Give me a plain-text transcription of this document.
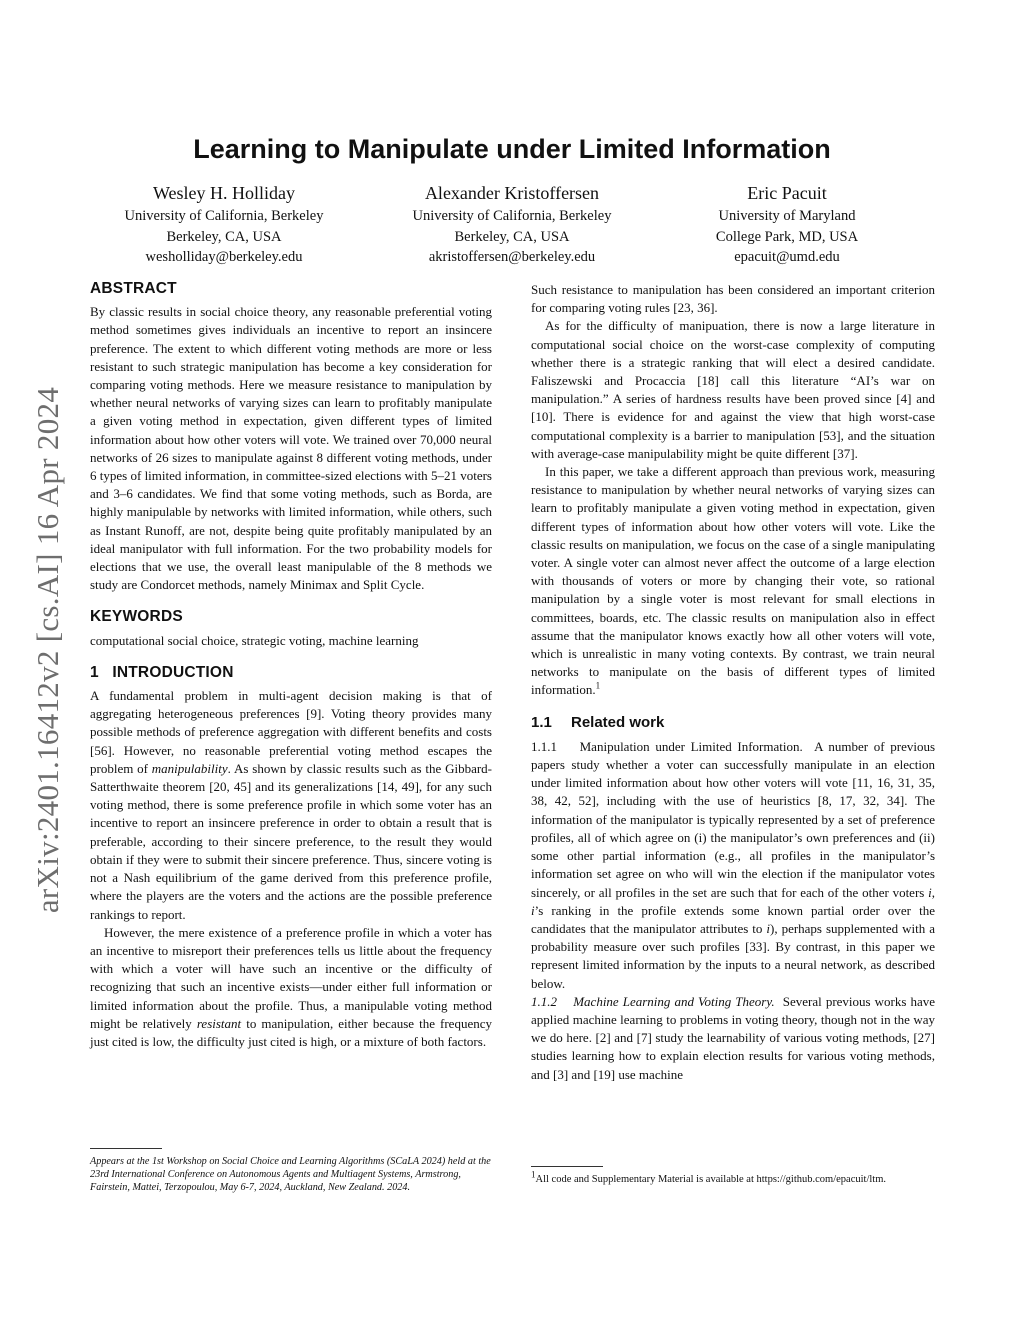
arXiv:2401.16412v2 [cs.AI] 16 Apr 2024
Learning to Manipulate under Limited Information
Wesley H. Holliday
University of California, Berkeley
Berkeley, CA, USA
wesholliday@berkeley.edu
Alexander Kristoffersen
University of California, Berkeley
Berkeley, CA, USA
akristoffersen@berkeley.edu
Eric Pacuit
University of Maryland
College Park, MD, USA
epacuit@umd.edu
ABSTRACT

By classic results in social choice theory, any reasonable preferential voting method sometimes gives individuals an incentive to report an insincere preference. The extent to which different voting methods are more or less resistant to such strategic manipulation has become a key consideration for comparing voting methods. Here we measure resistance to manipulation by whether neural networks of varying sizes can learn to profitably manipulate a given voting method in expectation, given different types of limited information about how other voters will vote. We trained over 70,000 neural networks of 26 sizes to manipulate against 8 different voting methods, under 6 types of limited information, in committee-sized elections with 5–21 voters and 3–6 candidates. We find that some voting methods, such as Borda, are highly manipulable by networks with limited information, while others, such as Instant Runoff, are not, despite being quite profitably manipulated by an ideal manipulator with full information. For the two probability models for elections that we use, the overall least manipulable of the 8 methods we study are Condorcet methods, namely Minimax and Split Cycle.

KEYWORDS

computational social choice, strategic voting, machine learning

1 INTRODUCTION

A fundamental problem in multi-agent decision making is that of aggregating heterogeneous preferences [9]. Voting theory provides many possible methods of preference aggregation with different benefits and costs [56]. However, no reasonable preferential voting method escapes the problem of manipulability. As shown by classic results such as the Gibbard-Satterthwaite theorem [20, 45] and its generalizations [14, 49], for any such voting method, there is some preference profile in which some voter has an incentive to report an insincere preference in order to obtain a result that is preferable, according to their sincere preference, to the result they would obtain if they were to submit their sincere preference. Thus, sincere voting is not a Nash equilibrium of the game derived from this preference profile, where the players are the voters and the actions are the possible preference rankings to report.

However, the mere existence of a preference profile in which a voter has an incentive to misreport their preferences tells us little about the frequency with which a voter will have such an incentive or the difficulty of recognizing that such an incentive exists—under either full information or limited information about the profile. Thus, a manipulable voting method might be relatively resistant to manipulation, either because the frequency just cited is low, the difficulty just cited is high, or a mixture of both factors.

Appears at the 1st Workshop on Social Choice and Learning Algorithms (SCaLA 2024) held at the 23rd International Conference on Autonomous Agents and Multiagent Systems, Armstrong, Fairstein, Mattei, Terzopoulou, May 6-7, 2024, Auckland, New Zealand. 2024.

Such resistance to manipulation has been considered an important criterion for comparing voting rules [23, 36].

As for the difficulty of manipuation, there is now a large literature in computational social choice on the worst-case complexity of computing whether there is a strategic ranking that will elect a desired candidate. Faliszewski and Procaccia [18] call this literature “AI’s war on manipulation.” A series of hardness results have been proved since [4] and [10]. There is evidence for and against the view that high worst-case computational complexity is a barrier to manipulation [53], and the situation with average-case manipulability might be quite different [37].

In this paper, we take a different approach than previous work, measuring resistance to manipulation by whether neural networks of varying sizes can learn to profitably manipulate a given voting method in expectation, given different types of information about how other voters will vote. Like the classic results on manipulation, we focus on the case of a single manipulating voter. A single voter can almost never affect the outcome of a large election with thousands of voters or more by changing their vote, so rational manipulation by a single voter is most relevant for small elections in committees, boards, etc. The classic results on manipulation also in effect assume that the manipulator knows exactly how all other voters will vote, which is unrealistic in many voting contexts. By contrast, we train neural networks to manipulate on the basis of different types of limited information.$^1$

1.1 Related work

1.1.1 Manipulation under Limited Information. A number of previous papers study whether a voter can successfully manipulate in an election under limited information about how other voters will vote [11, 16, 31, 35, 38, 42, 52], including with the use of heuristics [8, 17, 32, 34]. The information of the manipulator is typically represented by a set of preference profiles, all of which agree on (i) the manipulator’s own preferences and (ii) some other partial information (e.g., all profiles in the manipulator’s information set agree on who will win the election if the manipulator votes sincerely, or all profiles in the set are such that for each of the other voters i, i’s ranking in the profile extends some known partial order over the candidates that the manipulator attributes to i), perhaps supplemented with a probability measure over such profiles [33]. By contrast, in this paper we represent limited information by the inputs to a neural network, as described below.

1.1.2 Machine Learning and Voting Theory. Several previous works have applied machine learning to problems in voting theory, though not in the way we do here. [2] and [7] study the learnability of various voting methods, [27] studies learning how to explain election results for various voting methods, and [3] and [19] use machine

1All code and Supplementary Material is available at https://github.com/epacuit/ltm.
